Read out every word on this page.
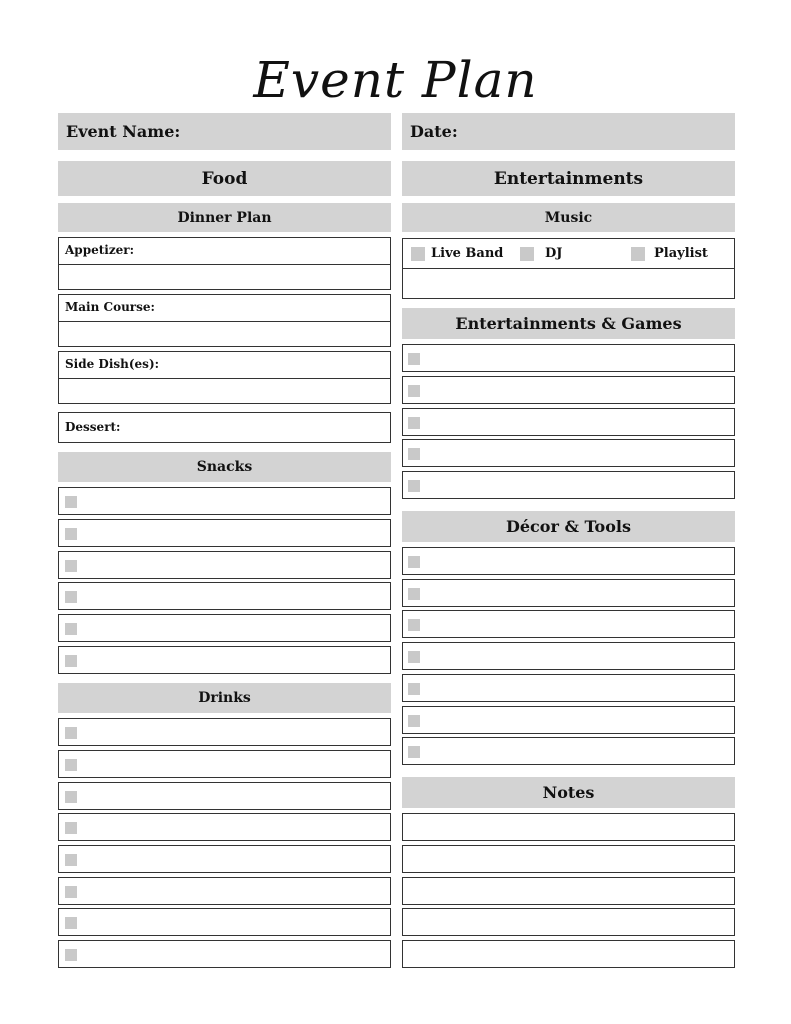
Event Plan
Event Name:	Date:
Food
Dinner Plan
Appetizer:
Main Course:
Side Dish(es):
Dessert:
Snacks
Drinks
Entertainments
Music
Live Band	DJ	Playlist
Entertainments & Games
Décor & Tools
Notes
